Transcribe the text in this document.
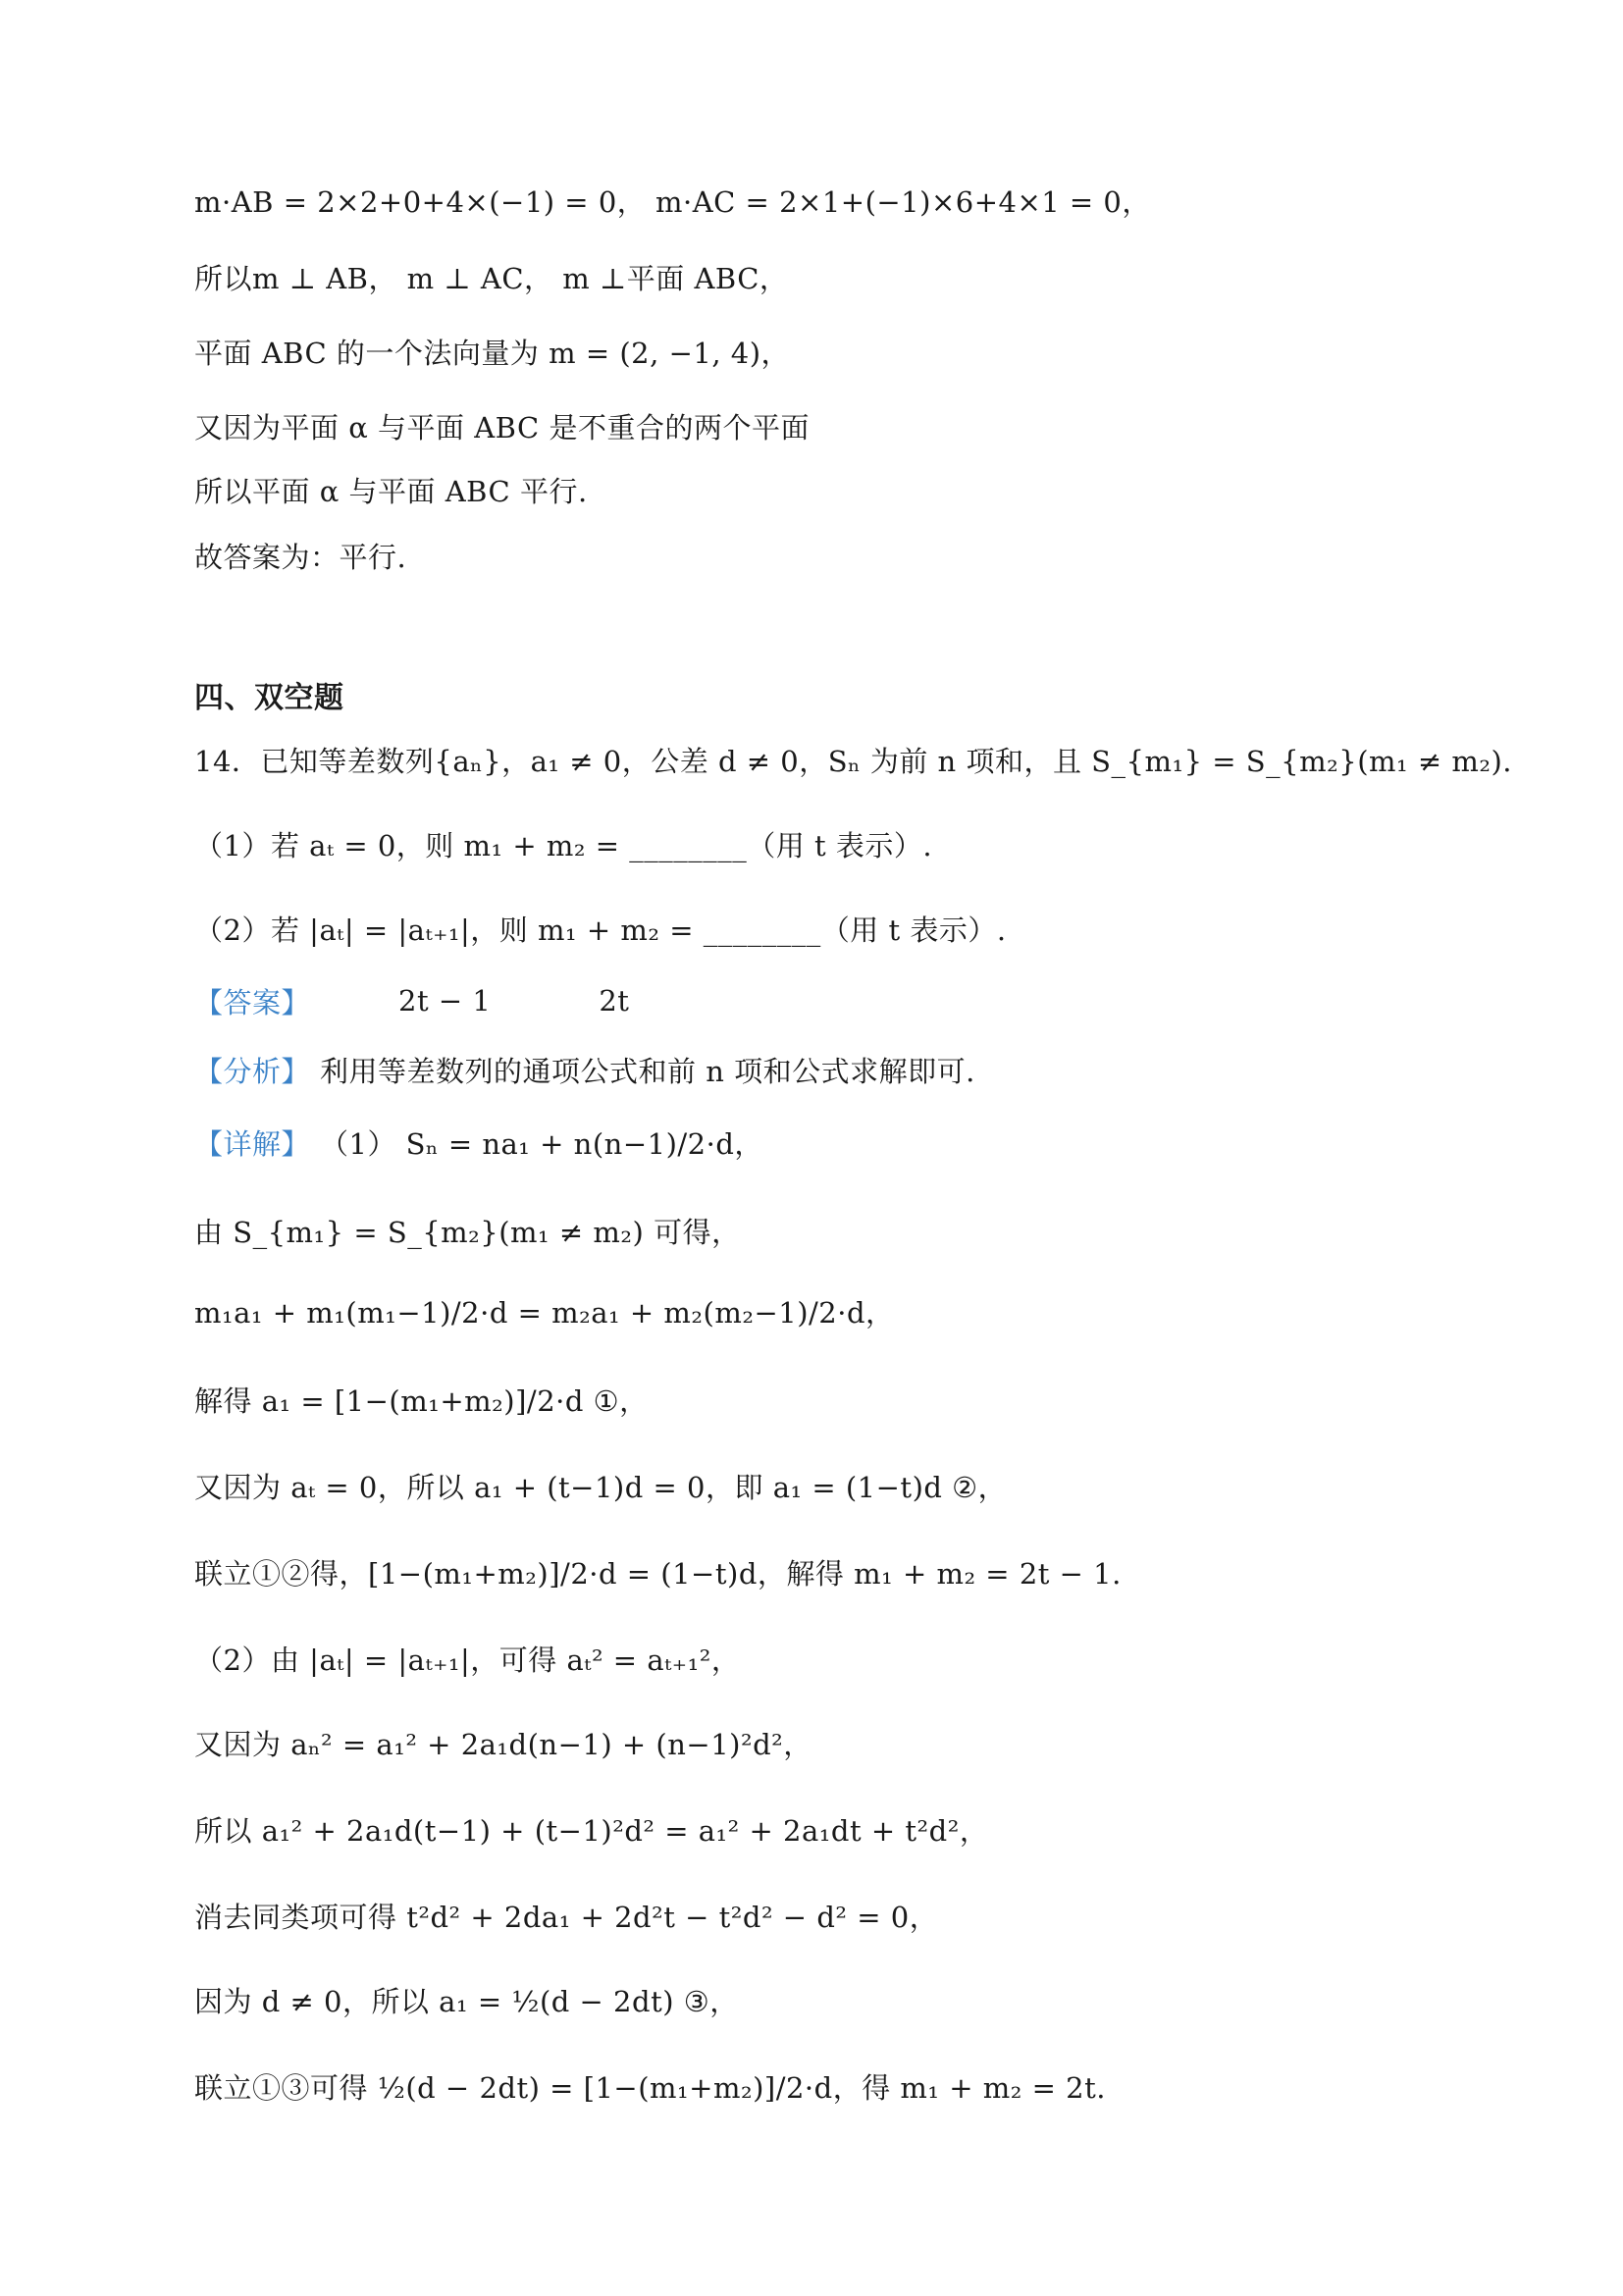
m·AB = 2×2+0+4×(−1) = 0， m·AC = 2×1+(−1)×6+4×1 = 0，
所以m ⊥ AB， m ⊥ AC， m ⊥平面 ABC，
平面 ABC 的一个法向量为 m = (2, −1, 4)，
又因为平面 α 与平面 ABC 是不重合的两个平面
所以平面 α 与平面 ABC 平行.
故答案为：平行.
四、双空题
14．已知等差数列{aₙ}，a₁ ≠ 0，公差 d ≠ 0，Sₙ 为前 n 项和，且 S_{m₁} = S_{m₂}(m₁ ≠ m₂).
（1）若 aₜ = 0，则 m₁ + m₂ = ________（用 t 表示）.
（2）若 |aₜ| = |aₜ₊₁|，则 m₁ + m₂ = ________（用 t 表示）.
【答案】	2t − 1	2t
【分析】 利用等差数列的通项公式和前 n 项和公式求解即可.
【详解】 （1） Sₙ = na₁ + n(n−1)/2·d，
由 S_{m₁} = S_{m₂}(m₁ ≠ m₂) 可得，
m₁a₁ + m₁(m₁−1)/2·d = m₂a₁ + m₂(m₂−1)/2·d，
解得 a₁ = [1−(m₁+m₂)]/2·d ①，
又因为 aₜ = 0，所以 a₁ + (t−1)d = 0，即 a₁ = (1−t)d ②，
联立①②得，[1−(m₁+m₂)]/2·d = (1−t)d，解得 m₁ + m₂ = 2t − 1.
（2）由 |aₜ| = |aₜ₊₁|，可得 aₜ² = aₜ₊₁²，
又因为 aₙ² = a₁² + 2a₁d(n−1) + (n−1)²d²，
所以 a₁² + 2a₁d(t−1) + (t−1)²d² = a₁² + 2a₁dt + t²d²，
消去同类项可得 t²d² + 2da₁ + 2d²t − t²d² − d² = 0，
因为 d ≠ 0，所以 a₁ = ½(d − 2dt) ③，
联立①③可得 ½(d − 2dt) = [1−(m₁+m₂)]/2·d，得 m₁ + m₂ = 2t.
